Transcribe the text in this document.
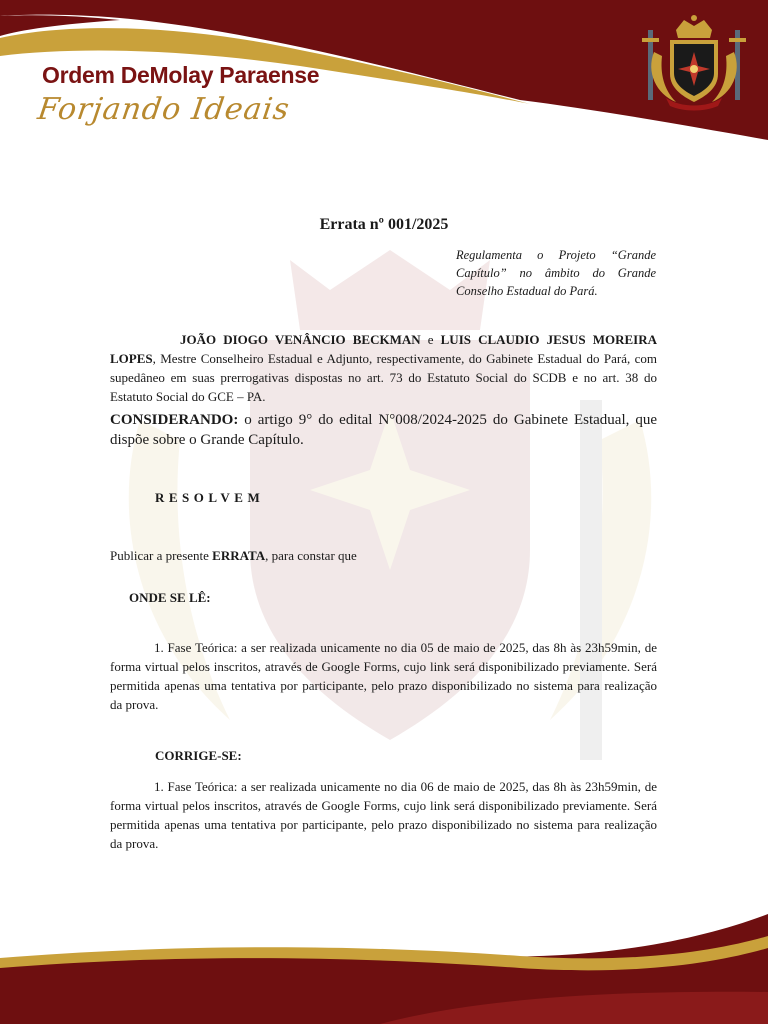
Ordem DeMolay Paraense
Forjando Ideais
Errata nº 001/2025
Regulamenta o Projeto “Grande Capítulo” no âmbito do Grande Conselho Estadual do Pará.
JOÃO DIOGO VENÂNCIO BECKMAN e LUIS CLAUDIO JESUS MOREIRA LOPES, Mestre Conselheiro Estadual e Adjunto, respectivamente, do Gabinete Estadual do Pará, com supedâneo em suas prerrogativas dispostas no art. 73 do Estatuto Social do SCDB e no art. 38 do Estatuto Social do GCE – PA.
CONSIDERANDO: o artigo 9° do edital N°008/2024-2025 do Gabinete Estadual, que dispõe sobre o Grande Capítulo.
RESOLVEM
Publicar a presente ERRATA, para constar que
ONDE SE LÊ:
1. Fase Teórica: a ser realizada unicamente no dia 05 de maio de 2025, das 8h às 23h59min, de forma virtual pelos inscritos, através de Google Forms, cujo link será disponibilizado previamente. Será permitida apenas uma tentativa por participante, pelo prazo disponibilizado no sistema para realização da prova.
CORRIGE-SE:
1. Fase Teórica: a ser realizada unicamente no dia 06 de maio de 2025, das 8h às 23h59min, de forma virtual pelos inscritos, através de Google Forms, cujo link será disponibilizado previamente. Será permitida apenas uma tentativa por participante, pelo prazo disponibilizado no sistema para realização da prova.
